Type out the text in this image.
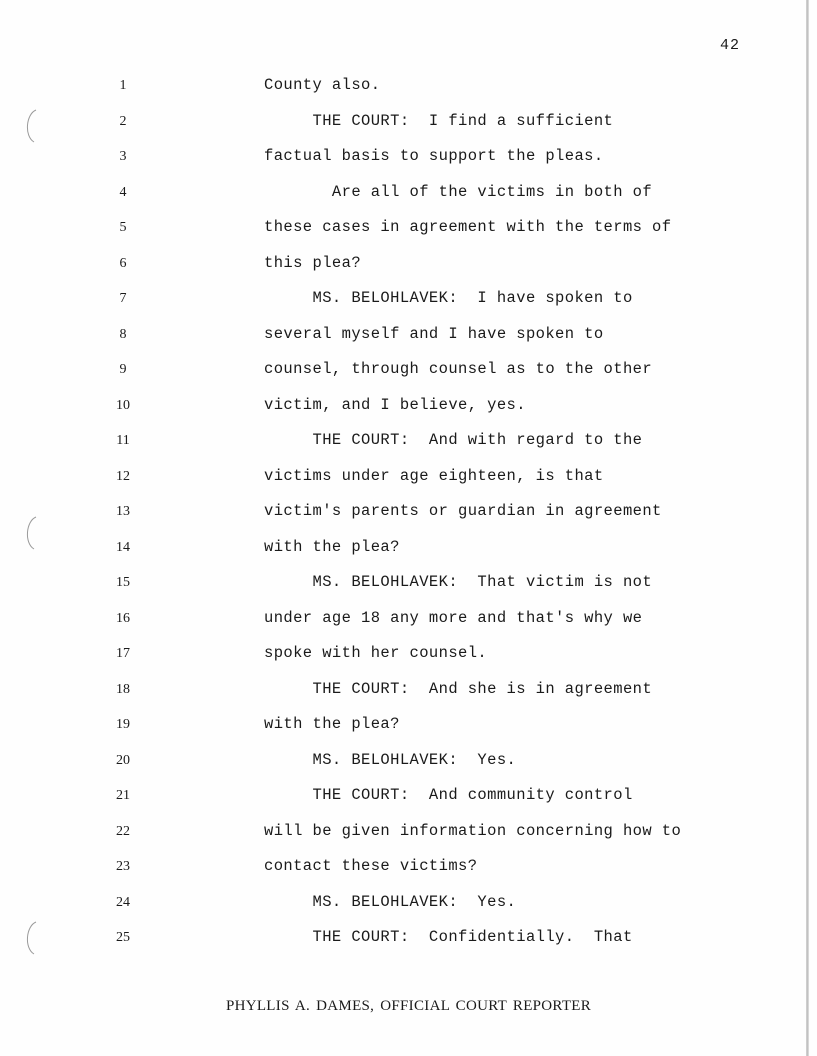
42
1	County also.
2	THE COURT:  I find a sufficient
3	factual basis to support the pleas.
4	Are all of the victims in both of
5	these cases in agreement with the terms of
6	this plea?
7	MS. BELOHLAVEK:  I have spoken to
8	several myself and I have spoken to
9	counsel, through counsel as to the other
10	victim, and I believe, yes.
11	THE COURT:  And with regard to the
12	victims under age eighteen, is that
13	victim's parents or guardian in agreement
14	with the plea?
15	MS. BELOHLAVEK:  That victim is not
16	under age 18 any more and that's why we
17	spoke with her counsel.
18	THE COURT:  And she is in agreement
19	with the plea?
20	MS. BELOHLAVEK:  Yes.
21	THE COURT:  And community control
22	will be given information concerning how to
23	contact these victims?
24	MS. BELOHLAVEK:  Yes.
25	THE COURT:  Confidentially.  That
PHYLLIS A. DAMES, OFFICIAL COURT REPORTER
